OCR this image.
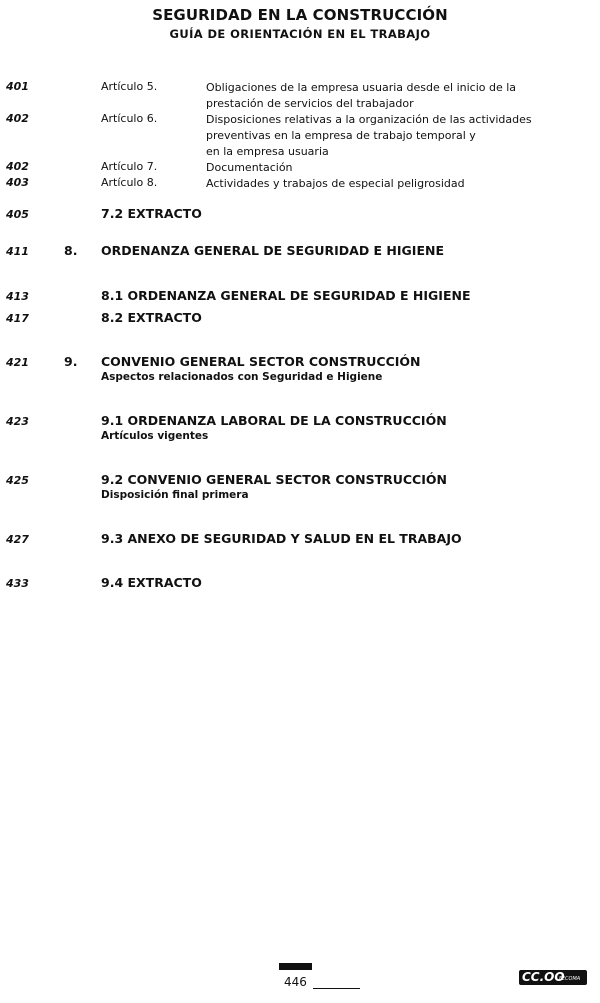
SEGURIDAD EN LA CONSTRUCCIÓN
GUÍA DE ORIENTACIÓN EN EL TRABAJO
401	Artículo 5.	Obligaciones de la empresa usuaria desde el inicio de la
prestación de servicios del trabajador
402	Artículo 6.	Disposiciones relativas a la organización de las actividades
preventivas en la empresa de trabajo temporal y
en la empresa usuaria
402	Artículo 7.	Documentación
403	Artículo 8.	Actividades y trabajos de especial peligrosidad
405	7.2 EXTRACTO
411	8. ORDENANZA GENERAL DE SEGURIDAD E HIGIENE
413	8.1 ORDENANZA GENERAL DE SEGURIDAD E HIGIENE
417	8.2 EXTRACTO
421	9. CONVENIO GENERAL SECTOR CONSTRUCCIÓN
Aspectos relacionados con Seguridad e Higiene
423	9.1 ORDENANZA LABORAL DE LA CONSTRUCCIÓN
Artículos vigentes
425	9.2 CONVENIO GENERAL SECTOR CONSTRUCCIÓN
Disposición final primera
427	9.3 ANEXO DE SEGURIDAD Y SALUD EN EL TRABAJO
433	9.4 EXTRACTO
446	CC.OO
FECOMA
